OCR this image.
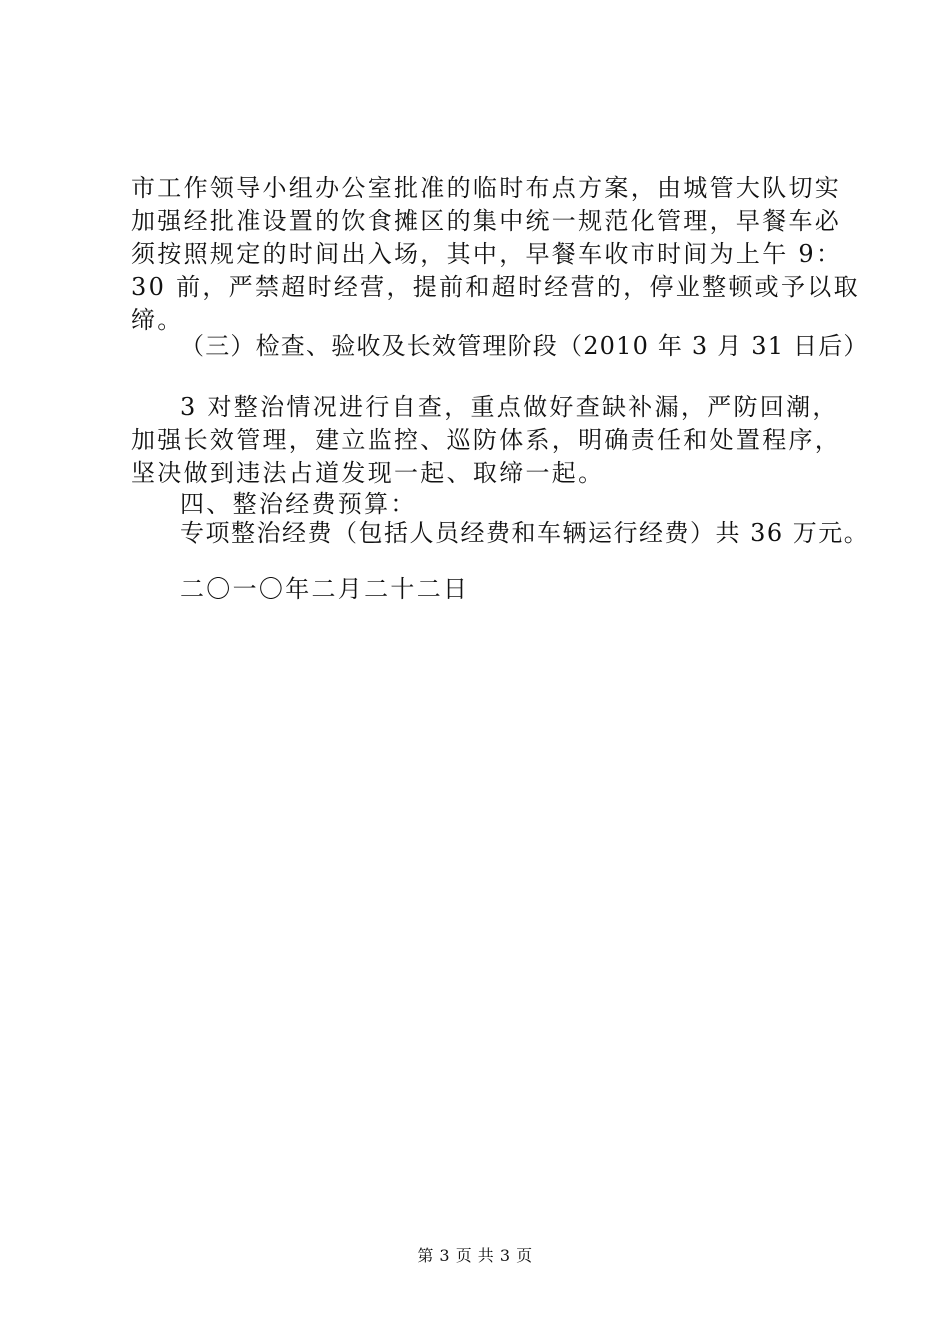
市工作领导小组办公室批准的临时布点方案，由城管大队切实
加强经批准设置的饮食摊区的集中统一规范化管理，早餐车必
须按照规定的时间出入场，其中，早餐车收市时间为上午 9：
30 前，严禁超时经营，提前和超时经营的，停业整顿或予以取
缔。
（三）检查、验收及长效管理阶段（2010 年 3 月 31 日后）
3 对整治情况进行自查，重点做好查缺补漏，严防回潮，
加强长效管理，建立监控、巡防体系，明确责任和处置程序，
坚决做到违法占道发现一起、取缔一起。
四、整治经费预算：
专项整治经费（包括人员经费和车辆运行经费）共 36 万元。
二〇一〇年二月二十二日
第 3 页 共 3 页
